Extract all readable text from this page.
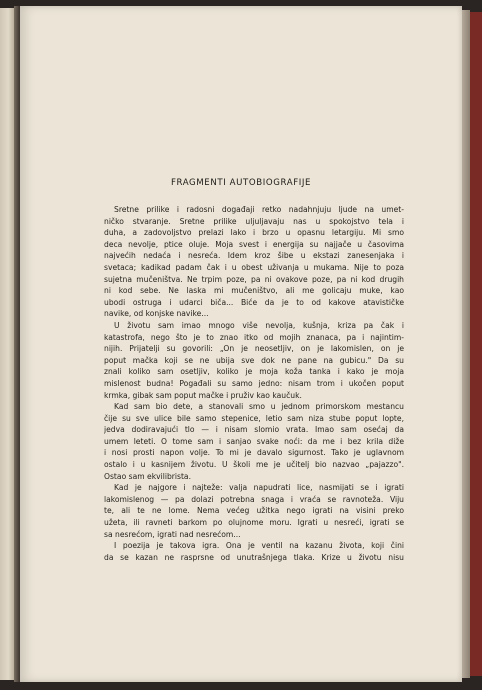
FRAGMENTI AUTOBIOGRAFIJE
Sretne prilike i radosni događaji retko nadahnjuju ljude na umet-
ničko stvaranje. Sretne prilike uljuljavaju nas u spokojstvo tela i
duha, a zadovoljstvo prelazi lako i brzo u opasnu letargiju. Mi smo
deca nevolje, ptice oluje. Moja svest i energija su najjače u časovima
najvećih nedaća i nesreća. Idem kroz šibe u ekstazi zanesenjaka i
svetaca; kadikad padam čak i u obest uživanja u mukama. Nije to poza
sujetna mučeništva. Ne trpim poze, pa ni ovakove poze, pa ni kod drugih
ni kod sebe. Ne laska mi mučeništvo, ali me golicaju muke, kao
ubodi ostruga i udarci biča... Biće da je to od kakove atavističke
navike, od konjske navike...
U životu sam imao mnogo više nevolja, kušnja, kriza pa čak i
katastrofa, nego što je to znao itko od mojih znanaca, pa i najintim-
nijih. Prijatelji su govorili: „On je neosetljiv, on je lakomislen, on je
poput mačka koji se ne ubija sve dok ne pane na gubicu." Da su
znali koliko sam osetljiv, koliko je moja koža tanka i kako je moja
mislenost budna! Pogađali su samo jedno: nisam trom i ukočen poput
krmka, gibak sam poput mačke i pruživ kao kaučuk.
Kad sam bio dete, a stanovali smo u jednom primorskom mestancu
čije su sve ulice bile samo stepenice, letio sam niza stube poput lopte,
jedva dodiravajući tlo — i nisam slomio vrata. Imao sam osećaj da
umem leteti. O tome sam i sanjao svake noći: da me i bez krila diže
i nosi prosti napon volje. To mi je davalo sigurnost. Tako je uglavnom
ostalo i u kasnijem životu. U školi me je učitelj bio nazvao „pajazzo".
Ostao sam ekvilibrista.
Kad je najgore i najteže: valja napudrati lice, nasmijati se i igrati
lakomislenog — pa dolazi potrebna snaga i vraća se ravnoteža. Viju
te, ali te ne lome. Nema većeg užitka nego igrati na visini preko
užeta, ili ravneti barkom po olujnome moru. Igrati u nesreći, igrati se
sa nesrećom, igrati nad nesrećom...
I poezija je takova igra. Ona je ventil na kazanu života, koji čini
da se kazan ne rasprsne od unutrašnjega tlaka. Krize u životu nisu
